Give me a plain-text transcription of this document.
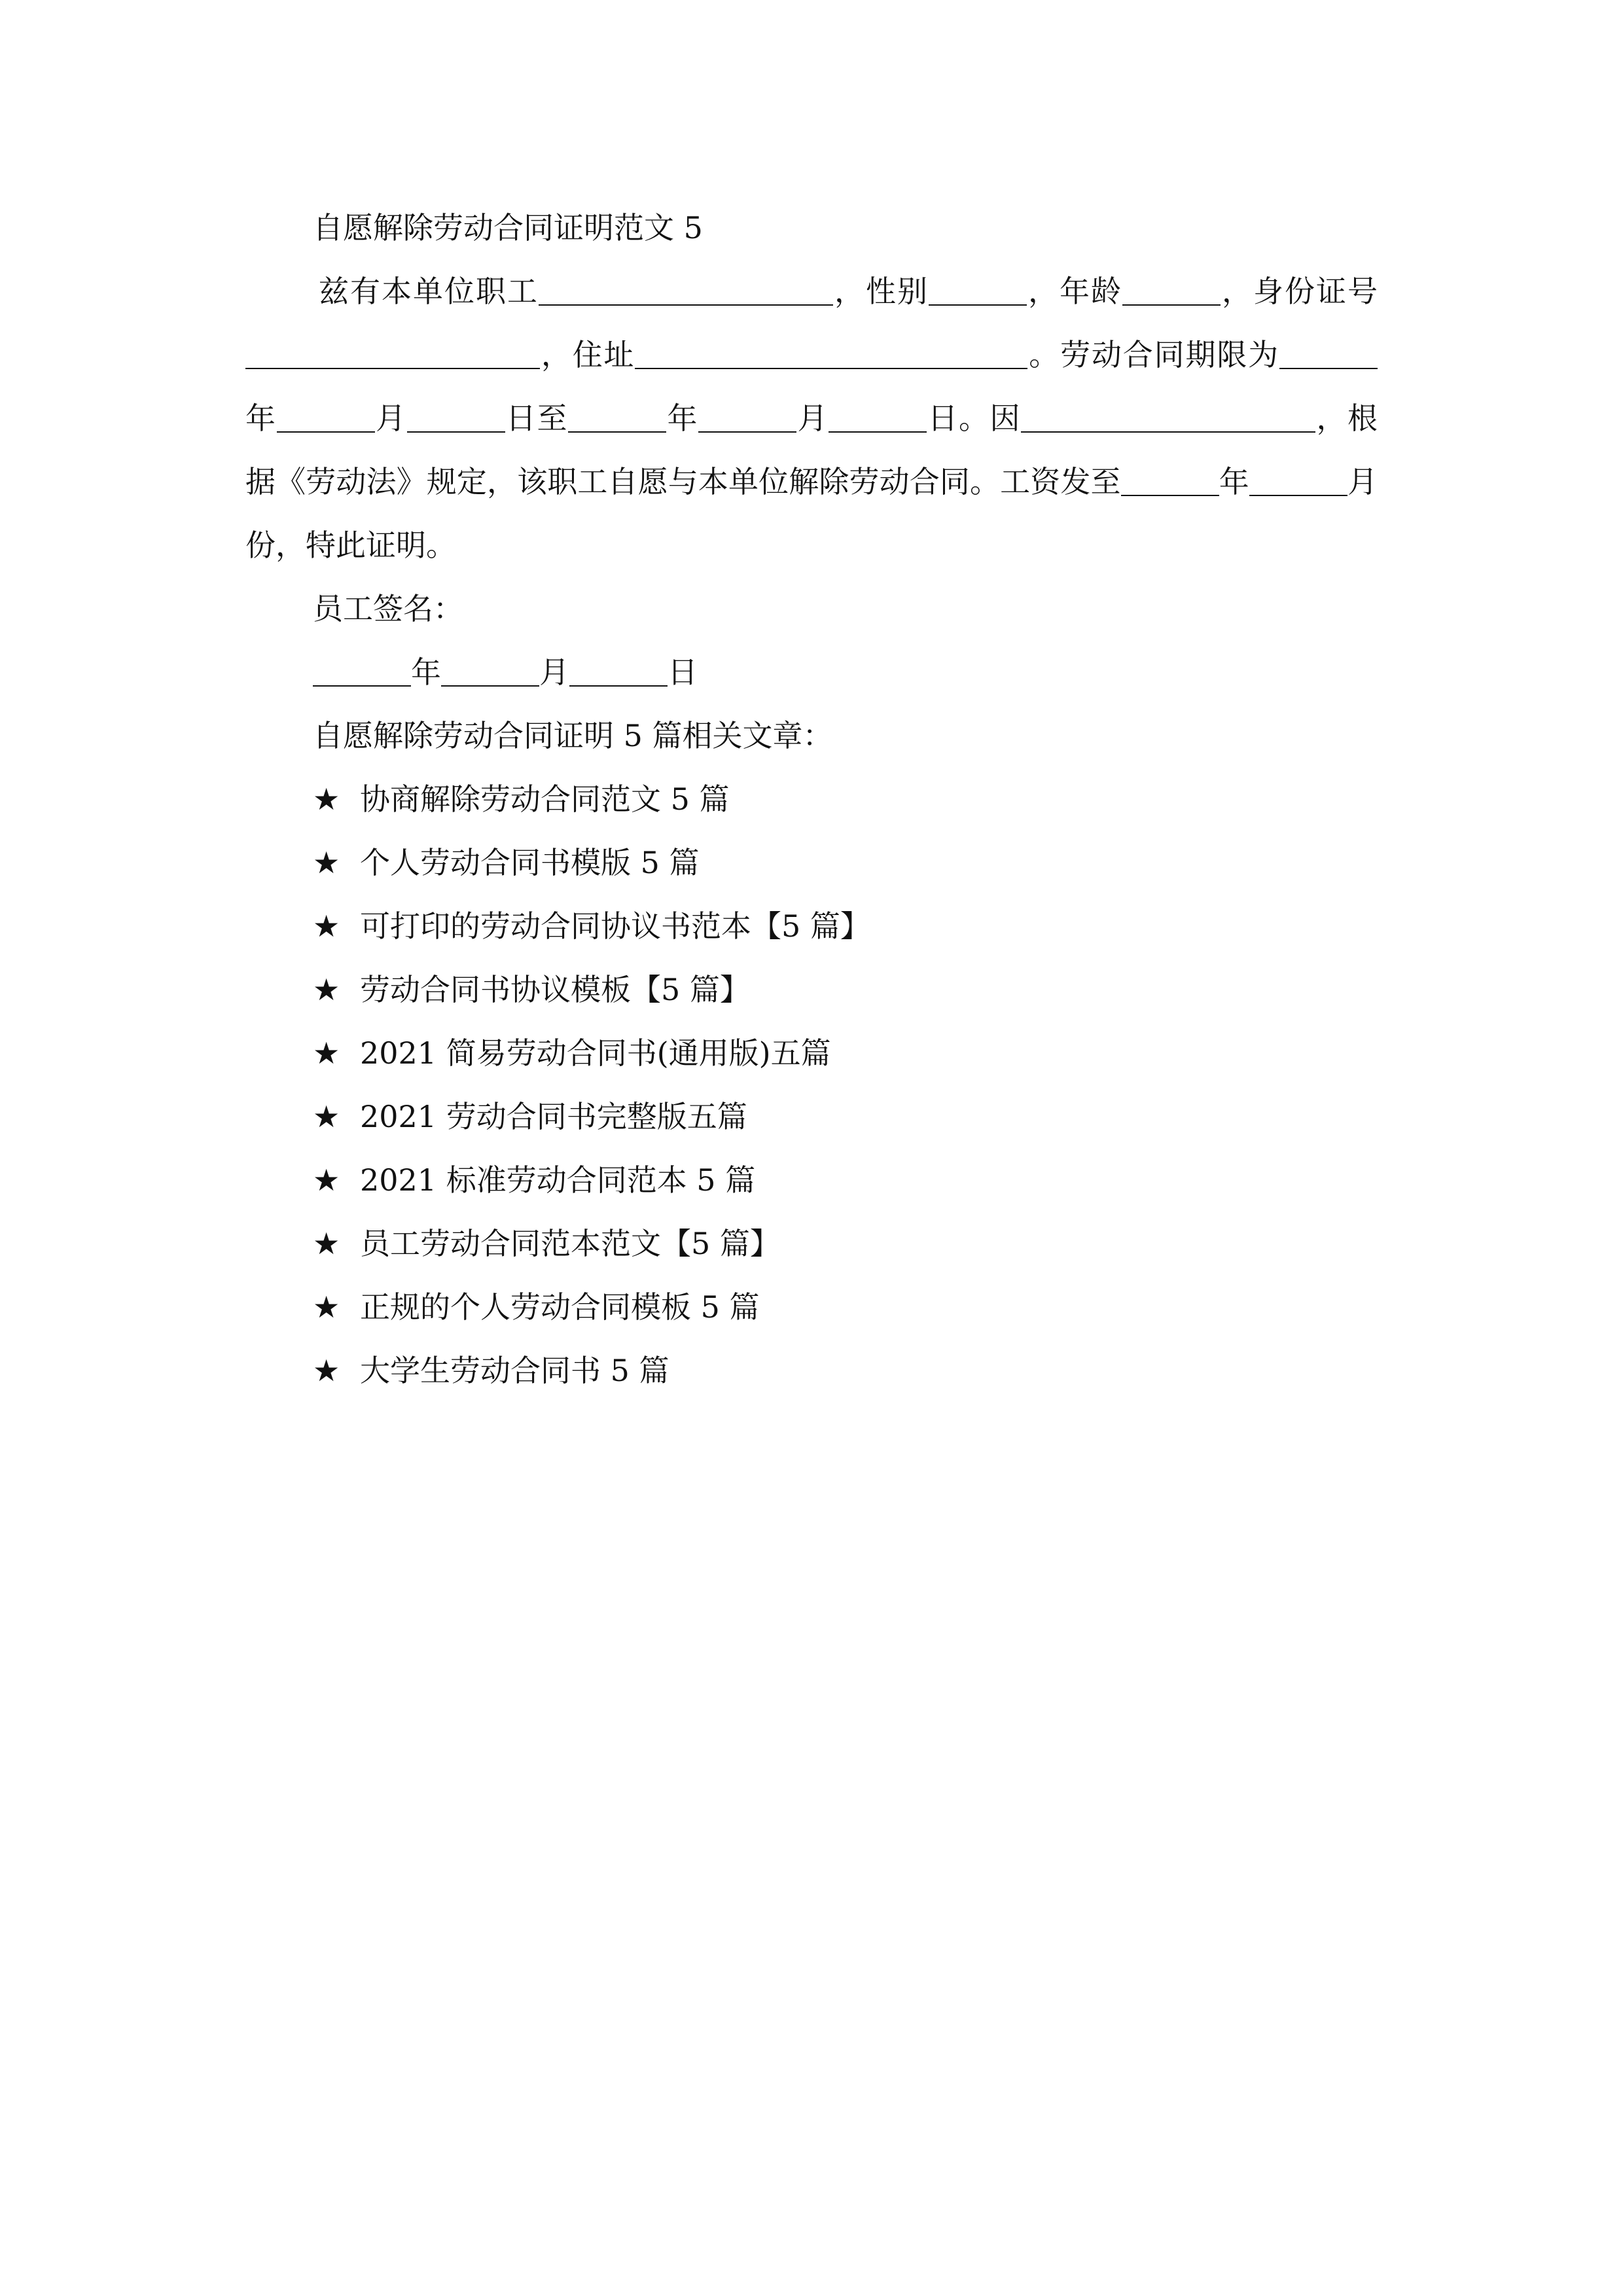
自愿解除劳动合同证明范文 5
兹有本单位职工	，性别	，年龄	，身份证号，住址	。劳动合同期限为年	月	日至	年	月	日。因	，根据《劳动法》规定，该职工自愿与本单位解除劳动合同。工资发至	年	月份，特此证明。
员工签名：
年	月	日
自愿解除劳动合同证明 5 篇相关文章：
★ 协商解除劳动合同范文 5 篇
★ 个人劳动合同书模版 5 篇
★ 可打印的劳动合同协议书范本【5 篇】
★ 劳动合同书协议模板【5 篇】
★ 2021 简易劳动合同书(通用版)五篇
★ 2021 劳动合同书完整版五篇
★ 2021 标准劳动合同范本 5 篇
★ 员工劳动合同范本范文【5 篇】
★ 正规的个人劳动合同模板 5 篇
★ 大学生劳动合同书 5 篇
